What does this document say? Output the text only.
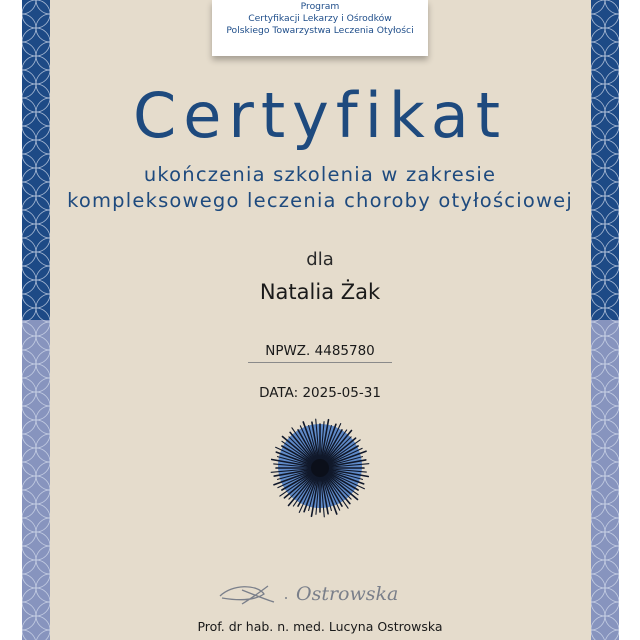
Program
Certyfikacji Lekarzy i Ośrodków
Polskiego Towarzystwa Leczenia Otyłości
Certyfikat
ukończenia szkolenia w zakresie
kompleksowego leczenia choroby otyłościowej
dla
Natalia Żak
NPWZ. 4485780
DATA: 2025-05-31
Ostrowska
Prof. dr hab. n. med. Lucyna Ostrowska
